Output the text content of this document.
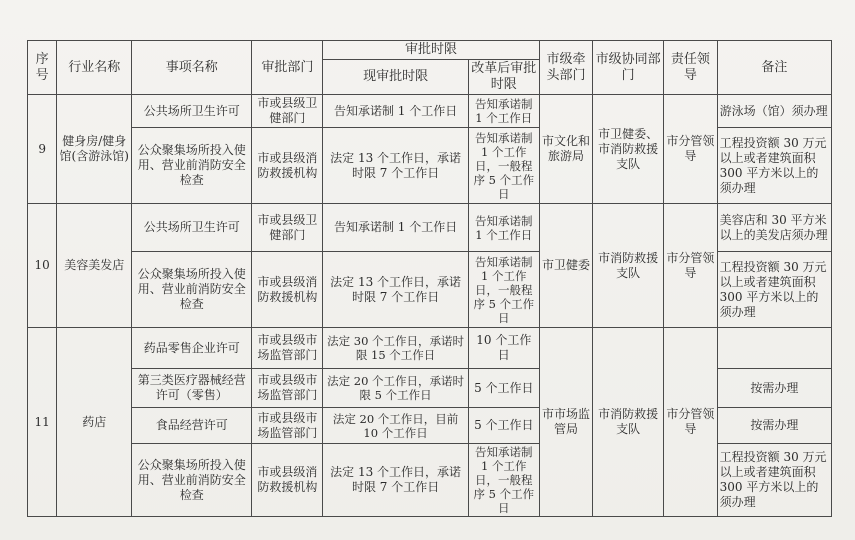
序号	行业名称	事项名称	审批部门	审批时限		市级牵头部门	市级协同部门	责任领导	备注
				现审批时限	改革后审批时限				
9	健身房/健身馆(含游泳馆)	公共场所卫生许可	市或县级卫健部门	告知承诺制 1 个工作日	告知承诺制 1 个工作日	市文化和旅游局	市卫健委、市消防救援支队	市分管领导	游泳场（馆）须办理
		公众聚集场所投入使用、营业前消防安全检查	市或县级消防救援机构	法定 13 个工作日，承诺时限 7 个工作日	告知承诺制 1 个工作日，一般程序 5 个工作日				工程投资额 30 万元以上或者建筑面积 300 平方米以上的须办理
10	美容美发店	公共场所卫生许可	市或县级卫健部门	告知承诺制 1 个工作日	告知承诺制 1 个工作日	市卫健委	市消防救援支队	市分管领导	美容店和 30 平方米以上的美发店须办理
		公众聚集场所投入使用、营业前消防安全检查	市或县级消防救援机构	法定 13 个工作日，承诺时限 7 个工作日	告知承诺制 1 个工作日，一般程序 5 个工作日				工程投资额 30 万元以上或者建筑面积 300 平方米以上的须办理
11	药店	药品零售企业许可	市或县级市场监管部门	法定 30 个工作日，承诺时限 15 个工作日	10 个工作日	市市场监管局	市消防救援支队	市分管领导	
		第三类医疗器械经营许可（零售）	市或县级市场监管部门	法定 20 个工作日，承诺时限 5 个工作日	5 个工作日				按需办理
		食品经营许可	市或县级市场监管部门	法定 20 个工作日，目前 10 个工作日	5 个工作日				按需办理
		公众聚集场所投入使用、营业前消防安全检查	市或县级消防救援机构	法定 13 个工作日，承诺时限 7 个工作日	告知承诺制 1 个工作日，一般程序 5 个工作日				工程投资额 30 万元以上或者建筑面积 300 平方米以上的须办理
